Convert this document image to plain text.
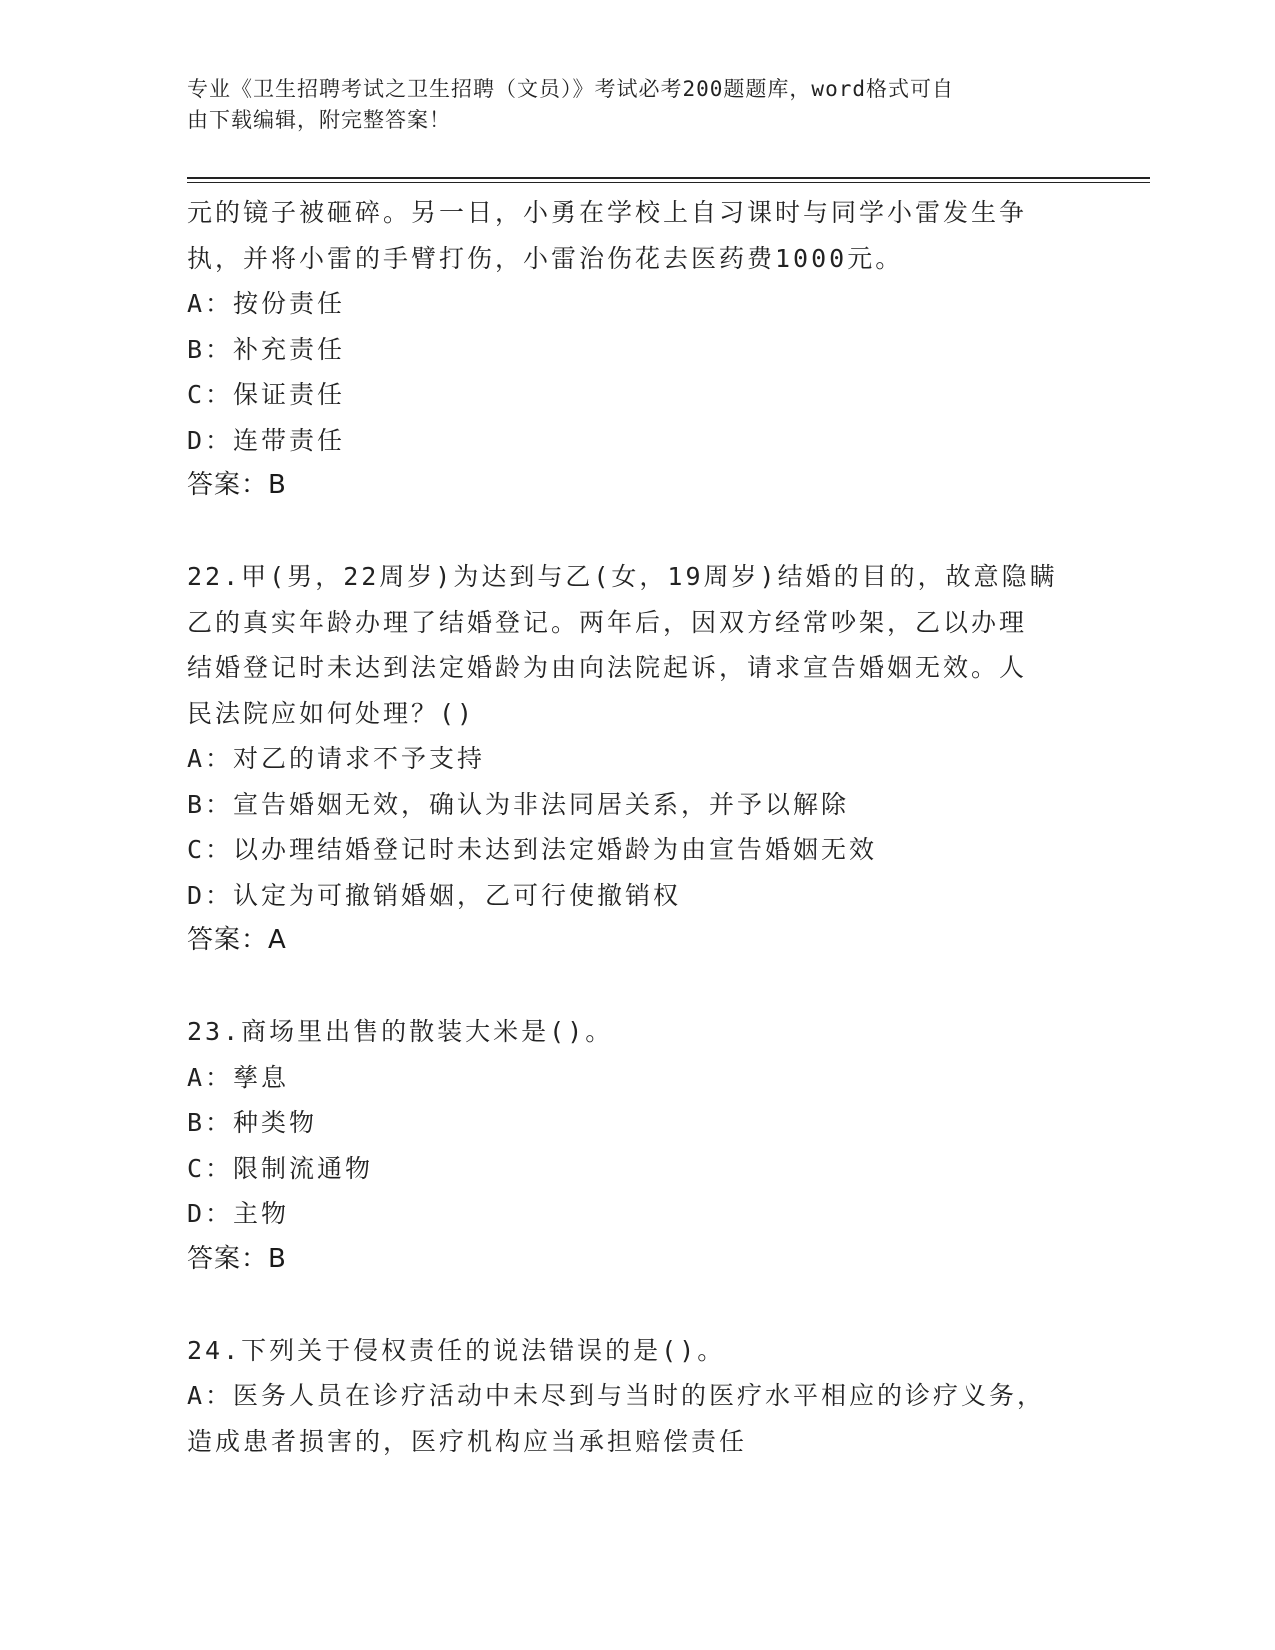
专业《卫生招聘考试之卫生招聘（文员）》考试必考200题题库，word格式可自
由下载编辑，附完整答案！
元的镜子被砸碎。另一日，小勇在学校上自习课时与同学小雷发生争
执，并将小雷的手臂打伤，小雷治伤花去医药费1000元。
A：按份责任
B：补充责任
C：保证责任
D：连带责任
答案：B
22.甲(男，22周岁)为达到与乙(女，19周岁)结婚的目的，故意隐瞒
乙的真实年龄办理了结婚登记。两年后，因双方经常吵架，乙以办理
结婚登记时未达到法定婚龄为由向法院起诉，请求宣告婚姻无效。人
民法院应如何处理？()
A：对乙的请求不予支持
B：宣告婚姻无效，确认为非法同居关系，并予以解除
C：以办理结婚登记时未达到法定婚龄为由宣告婚姻无效
D：认定为可撤销婚姻，乙可行使撤销权
答案：A
23.商场里出售的散装大米是()。
A：孳息
B：种类物
C：限制流通物
D：主物
答案：B
24.下列关于侵权责任的说法错误的是()。
A：医务人员在诊疗活动中未尽到与当时的医疗水平相应的诊疗义务，
造成患者损害的，医疗机构应当承担赔偿责任
